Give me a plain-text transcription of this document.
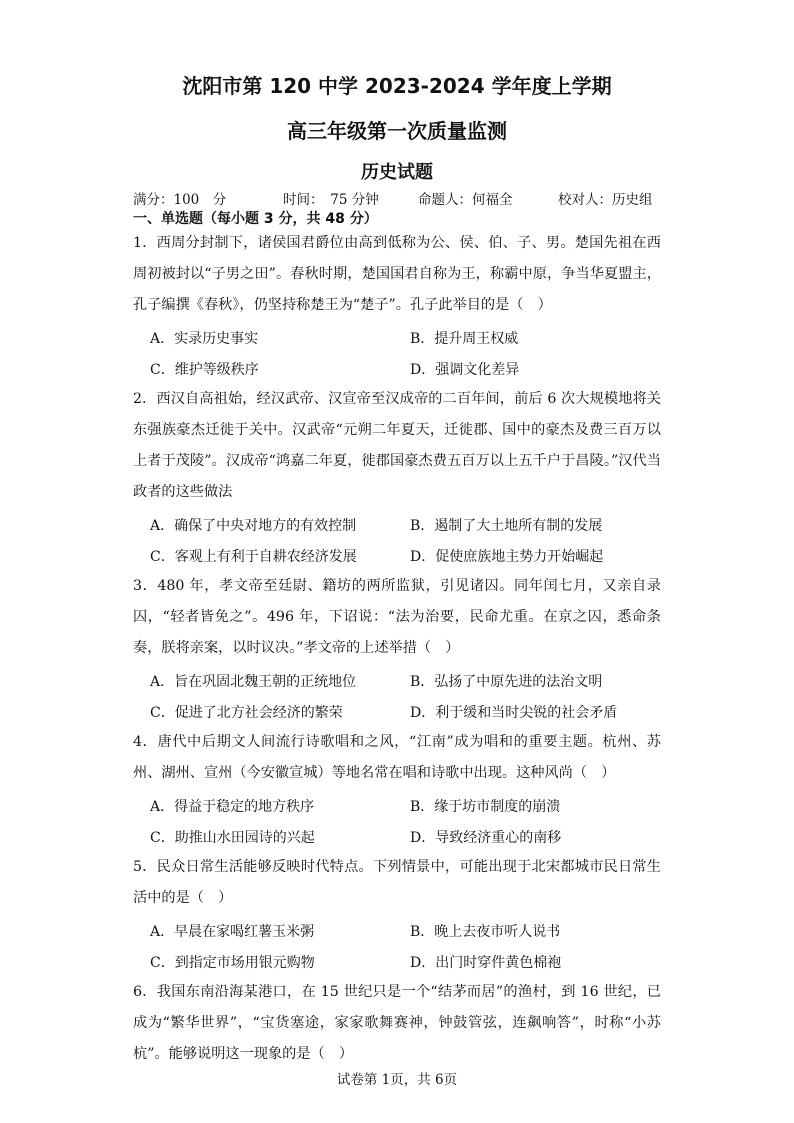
沈阳市第 120 中学 2023-2024 学年度上学期
高三年级第一次质量监测
历史试题
满分：100　分	时间：　75 分钟	命题人：何福全	校对人：历史组
一、单选题（每小题 3 分，共 48 分）
1．西周分封制下，诸侯国君爵位由高到低称为公、侯、伯、子、男。楚国先祖在西周初被封以“子男之田”。春秋时期，楚国国君自称为王，称霸中原，争当华夏盟主，孔子编撰《春秋》，仍坚持称楚王为“楚子”。孔子此举目的是（　）
A．实录历史事实	B．提升周王权威
C．维护等级秩序	D．强调文化差异
2．西汉自高祖始，经汉武帝、汉宣帝至汉成帝的二百年间，前后 6 次大规模地将关东强族豪杰迁徙于关中。汉武帝“元朔二年夏天，迁徙郡、国中的豪杰及费三百万以上者于茂陵”。汉成帝“鸿嘉二年夏，徙郡国豪杰费五百万以上五千户于昌陵。”汉代当政者的这些做法
A．确保了中央对地方的有效控制	B．遏制了大土地所有制的发展
C．客观上有利于自耕农经济发展	D．促使庶族地主势力开始崛起
3．480 年，孝文帝至廷尉、籍坊的两所监狱，引见诸囚。同年闰七月，又亲自录囚，“轻者皆免之”。496 年，下诏说：“法为治要，民命尤重。在京之囚，悉命条奏，朕将亲案，以时议决。”孝文帝的上述举措（　）
A．旨在巩固北魏王朝的正统地位	B．弘扬了中原先进的法治文明
C．促进了北方社会经济的繁荣	D．利于缓和当时尖锐的社会矛盾
4．唐代中后期文人间流行诗歌唱和之风，“江南”成为唱和的重要主题。杭州、苏州、湖州、宣州（今安徽宣城）等地名常在唱和诗歌中出现。这种风尚（　）
A．得益于稳定的地方秩序	B．缘于坊市制度的崩溃
C．助推山水田园诗的兴起	D．导致经济重心的南移
5．民众日常生活能够反映时代特点。下列情景中，可能出现于北宋都城市民日常生活中的是（　）
A．早晨在家喝红薯玉米粥	B．晚上去夜市听人说书
C．到指定市场用银元购物	D．出门时穿件黄色棉袍
6．我国东南沿海某港口，在 15 世纪只是一个“结茅而居”的渔村，到 16 世纪，已成为“繁华世界”，“宝货塞途，家家歌舞赛神，钟鼓管弦，连飙响答”，时称“小苏杭”。能够说明这一现象的是（　）
试卷第 1页，共 6页
